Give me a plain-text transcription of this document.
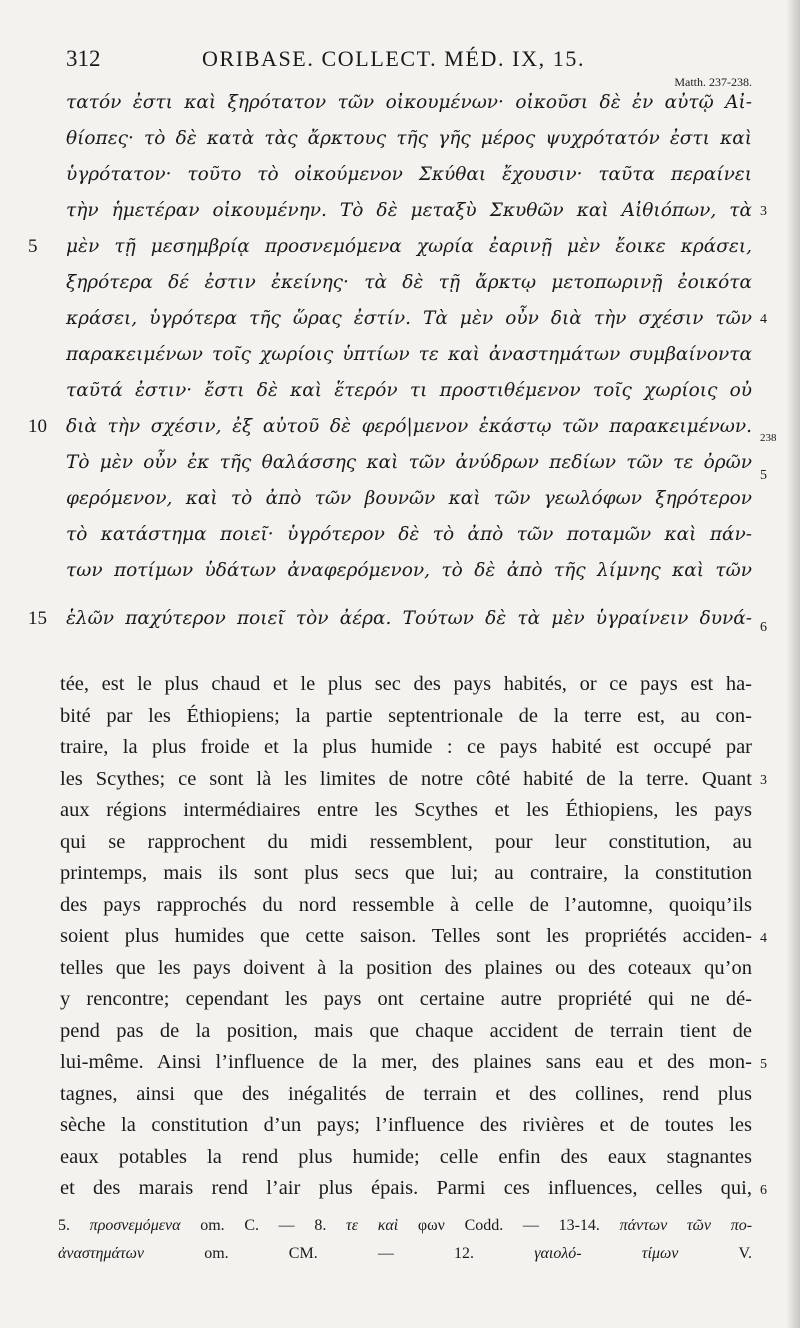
312	ORIBASE. COLLECT. MÉD. IX, 15.
Matth. 237-238.
τατόν ἐστι καὶ ξηρότατον τῶν οἰκουμένων· οἰκοῦσι δὲ ἐν αὐτῷ Αἰ-
θίοπες· τὸ δὲ κατὰ τὰς ἄρκτους τῆς γῆς μέρος ψυχρότατόν ἐστι καὶ
ὑγρότατον· τοῦτο τὸ οἰκούμενον Σκύθαι ἔχουσιν· ταῦτα περαίνει
τὴν ἡμετέραν οἰκουμένην. Τὸ δὲ μεταξὺ Σκυθῶν καὶ Αἰθιόπων, τὰ 3
5 μὲν τῇ μεσημβρίᾳ προσνεμόμενα χωρία ἐαρινῇ μὲν ἔοικε κράσει,
ξηρότερα δέ ἐστιν ἐκείνης· τὰ δὲ τῇ ἄρκτῳ μετοπωρινῇ ἐοικότα
κράσει, ὑγρότερα τῆς ὥρας ἐστίν. Τὰ μὲν οὖν διὰ τὴν σχέσιν τῶν 4
παρακειμένων τοῖς χωρίοις ὑπτίων τε καὶ ἀναστημάτων συμβαίνοντα
ταῦτά ἐστιν· ἔστι δὲ καὶ ἕτερόν τι προστιθέμενον τοῖς χωρίοις οὐ
10 διὰ τὴν σχέσιν, ἐξ αὐτοῦ δὲ φερό|μενον ἑκάστῳ τῶν παρακειμένων.
238
Τὸ μὲν οὖν ἐκ τῆς θαλάσσης καὶ τῶν ἀνύδρων πεδίων τῶν τε ὀρῶν
5
φερόμενον, καὶ τὸ ἀπὸ τῶν βουνῶν καὶ τῶν γεωλόφων ξηρότερον
τὸ κατάστημα ποιεῖ· ὑγρότερον δὲ τὸ ἀπὸ τῶν ποταμῶν καὶ πάν-
των ποτίμων ὑδάτων ἀναφερόμενον, τὸ δὲ ἀπὸ τῆς λίμνης καὶ τῶν
15 ἑλῶν παχύτερον ποιεῖ τὸν ἀέρα. Τούτων δὲ τὰ μὲν ὑγραίνειν δυνά- 6
tée, est le plus chaud et le plus sec des pays habités, or ce pays est ha-
bité par les Éthiopiens; la partie septentrionale de la terre est, au con-
traire, la plus froide et la plus humide : ce pays habité est occupé par
les Scythes; ce sont là les limites de notre côté habité de la terre. Quant 3
aux régions intermédiaires entre les Scythes et les Éthiopiens, les pays
qui se rapprochent du midi ressemblent, pour leur constitution, au
printemps, mais ils sont plus secs que lui; au contraire, la constitution
des pays rapprochés du nord ressemble à celle de l’automne, quoiqu’ils
soient plus humides que cette saison. Telles sont les propriétés acciden- 4
telles que les pays doivent à la position des plaines ou des coteaux qu’on
y rencontre; cependant les pays ont certaine autre propriété qui ne dé-
pend pas de la position, mais que chaque accident de terrain tient de
lui-même. Ainsi l’influence de la mer, des plaines sans eau et des mon- 5
tagnes, ainsi que des inégalités de terrain et des collines, rend plus
sèche la constitution d’un pays; l’influence des rivières et de toutes les
eaux potables la rend plus humide; celle enfin des eaux stagnantes
et des marais rend l’air plus épais. Parmi ces influences, celles qui, 6
5. προσνεμόμενα om. C. — 8. τε καὶ φων Codd. — 13-14. πάντων τῶν πο-
ἀναστημάτων	om. CM. — 12.	γαιολό-	τίμων	V.
